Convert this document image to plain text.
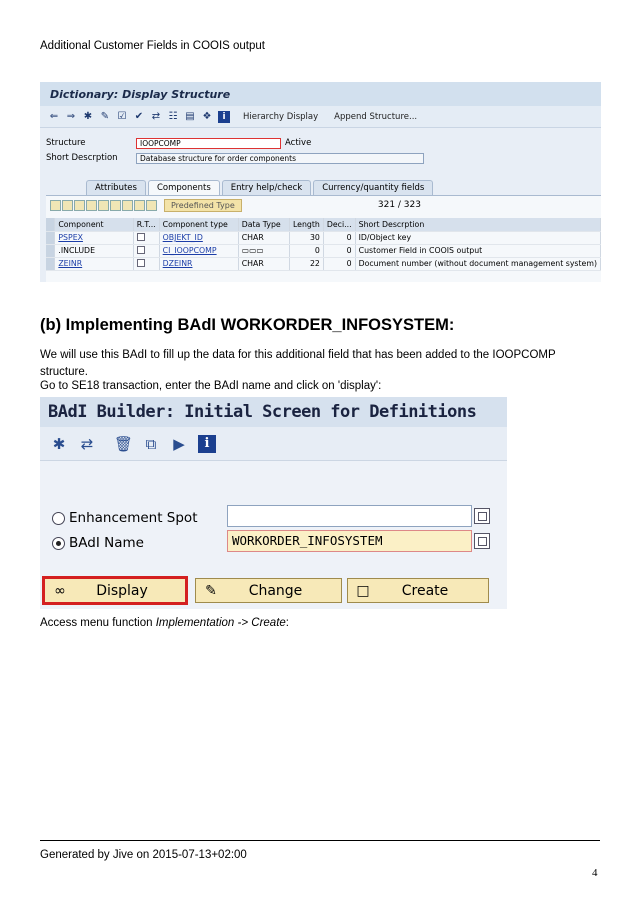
Additional Customer Fields in COOIS output
Dictionary: Display Structure
⇐ ⇒ ✱ ✎ ☑ ✔ ⇄ ☷ ▤ ❖	i	Hierarchy Display Append Structure...
Structure	IOOPCOMP	Active
Short Descrption	Database structure for order components
Attributes	Components	Entry help/check	Currency/quantity fields
Predefined Type	321 / 323
	Component	R.T...	Component type	Data Type	Length	Deci...	Short Descrption
	PSPEX		OBJEKT_ID	CHAR	30	0	ID/Object key
	.INCLUDE		CI_IOOPCOMP	▭▭▭	0	0	Customer Field in COOIS output
	ZEINR		DZEINR	CHAR	22	0	Document number (without document management system)
(b) Implementing BAdI WORKORDER_INFOSYSTEM:
We will use this BAdI to fill up the data for this additional field that has been added to the IOOPCOMP structure.
Go to SE18 transaction, enter the BAdI name and click on 'display':
BAdI Builder: Initial Screen for Definitions
✱ ⇄ 🗑 ⧉ ▶	i
Enhancement Spot
BAdI Name	WORKORDER_INFOSYSTEM
∞	Display	✎	Change	□	Create
Access menu function Implementation -> Create:
Generated by Jive on 2015-07-13+02:00
4
